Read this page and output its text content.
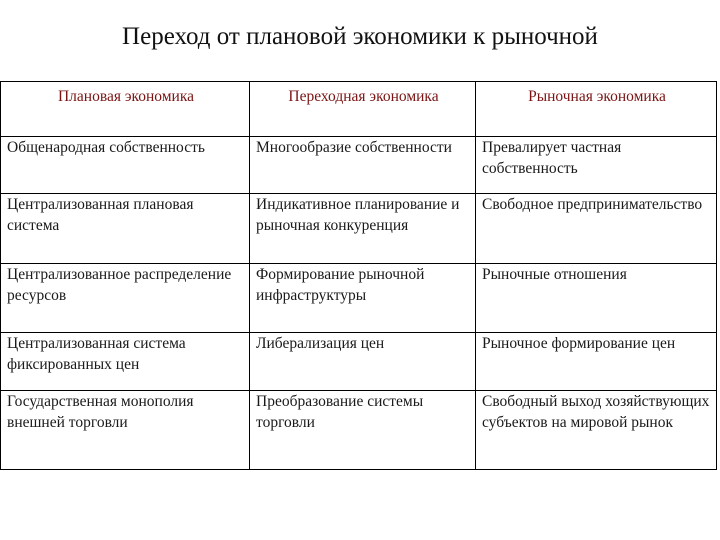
Переход от плановой экономики к рыночной
Плановая экономика	Переходная экономика	Рыночная экономика

Общенародная собственность	Многообразие собственности	Превалирует частная собственность

Централизованная плановая система	Индикативное планирование и рыночная конкуренция	Свободное предпринимательство

Централизованное распределение ресурсов	Формирование рыночной инфраструктуры	Рыночные отношения

Централизованная система фиксированных цен	Либерализация цен	Рыночное формирование цен

Государственная монополия внешней торговли	Преобразование системы торговли	Свободный выход хозяйствующих субъектов на мировой рынок
